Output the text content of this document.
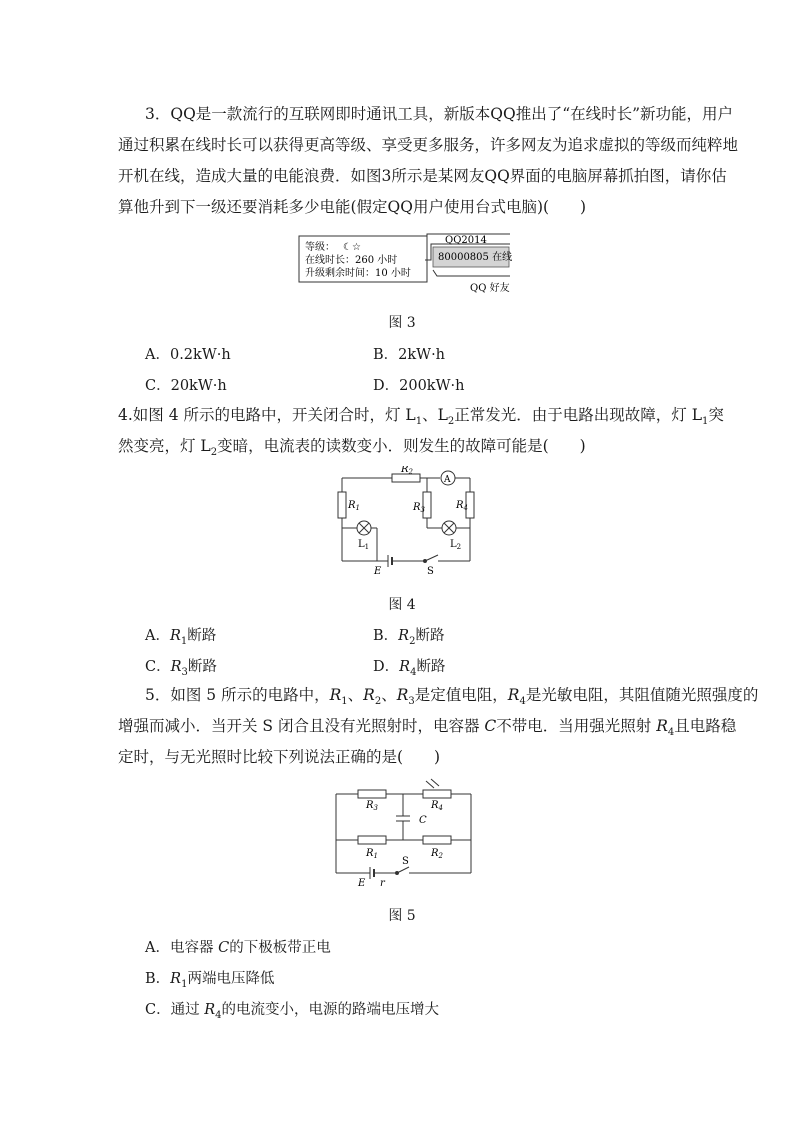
3．QQ是一款流行的互联网即时通讯工具，新版本QQ推出了“在线时长”新功能，用户
通过积累在线时长可以获得更高等级、享受更多服务，许多网友为追求虚拟的等级而纯粹地
开机在线，造成大量的电能浪费．如图3所示是某网友QQ界面的电脑屏幕抓拍图，请你估
算他升到下一级还要消耗多少电能(假定QQ用户使用台式电脑)(　　)
等级： ☾☆
在线时长：260 小时
升级剩余时间：10 小时
QQ2014
80000805 在线
QQ 好友
图 3
A．0.2kW·h	B．2kW·h
C．20kW·h	D．200kW·h
4.如图 4 所示的电路中，开关闭合时，灯 $L_1$、$L_2$正常发光．由于电路出现故障，灯 $L_1$突
然变亮，灯 $L_2$变暗，电流表的读数变小．则发生的故障可能是(　　)
$R_1$
$R_2$
$R_3$	$R_4$
A
$L_1$	$L_2$
E	S
图 4
A．$R_1$断路	B．$R_2$断路
C．$R_3$断路	D．$R_4$断路
5．如图 5 所示的电路中，$R_1$、$R_2$、$R_3$是定值电阻，$R_4$是光敏电阻，其阻值随光照强度的
增强而减小．当开关 S 闭合且没有光照射时，电容器 C不带电．当用强光照射 $R_4$且电路稳
定时，与无光照时比较下列说法正确的是(　　)
$R_3$	$R_4$
C
$R_1$	$R_2$
E r
S
图 5
A．电容器 C的下极板带正电
B．$R_1$两端电压降低
C．通过 $R_4$的电流变小，电源的路端电压增大
